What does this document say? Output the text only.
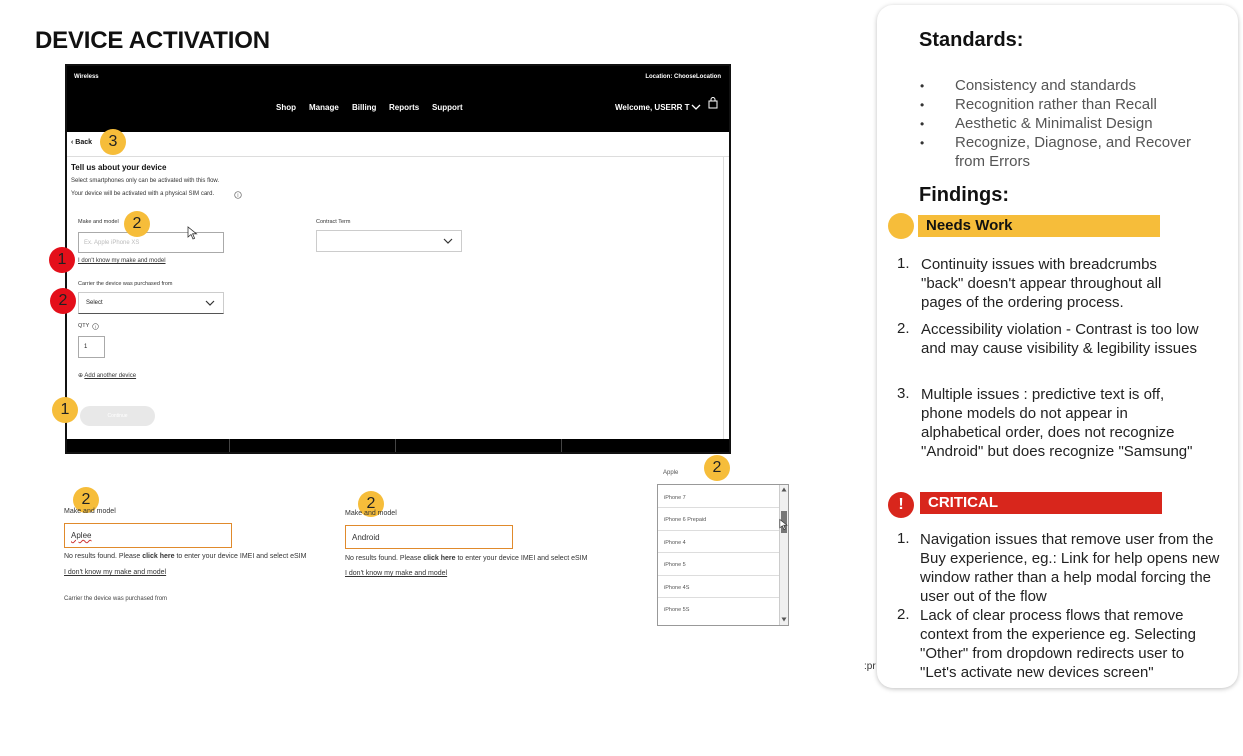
DEVICE ACTIVATION
Wireless	Location: ChooseLocation
Shop Manage Billing Reports Support	Welcome, USERR T
‹ Back
Tell us about your device
Select smartphones only can be activated with this flow.
Your device will be activated with a physical SIM card.	i
Make and model
Ex. Apple iPhone XS
Contract Term
I don't know my make and model
Carrier the device was purchased from
Select
QTY i
1
⊕ Add another device
Continue
3
2
1
2
1
2
Make and model
Aplee
No results found. Please click here to enter your device IMEI and select eSIM
I don't know my make and model
Carrier the device was purchased from
2
Make and model
Android
No results found. Please click here to enter your device IMEI and select eSIM
I don't know my make and model
Apple
iPhone 7
iPhone 6 Prepaid
iPhone 4
iPhone 5
iPhone 4S
iPhone 5S
2
:pr
Standards:
• Consistency and standards
• Recognition rather than Recall
• Aesthetic & Minimalist Design
• Recognize, Diagnose, and Recover from Errors
Findings:
Needs Work
1. Continuity issues with breadcrumbs "back" doesn't appear throughout all pages of the ordering process.
2. Accessibility violation - Contrast is too low and may cause visibility & legibility issues
3. Multiple issues : predictive text is off, phone models do not appear in alphabetical order, does not recognize "Android" but does recognize "Samsung"
!	CRITICAL
1. Navigation issues that remove user from the Buy experience, eg.: Link for help opens new window rather than a help modal forcing the user out of the flow
2. Lack of clear process flows that remove context from the experience eg. Selecting "Other" from dropdown redirects user to "Let's activate new devices screen"
